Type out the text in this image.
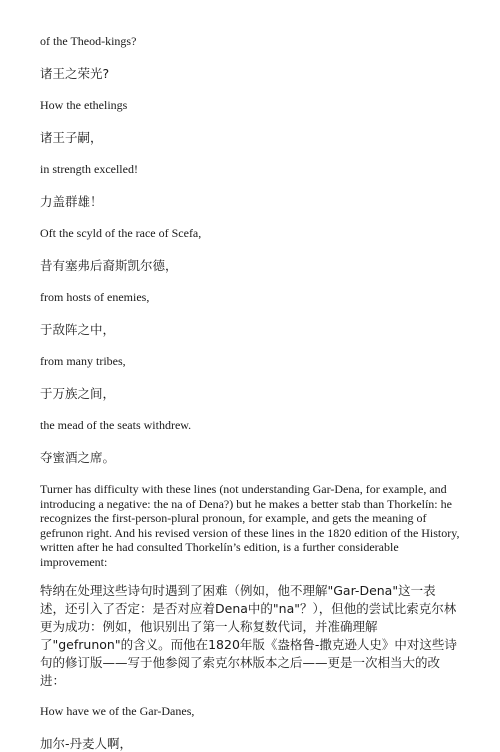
of the Theod-kings?

诸王之荣光?

How the ethelings

诸王子嗣，

in strength excelled!

力盖群雄！

Oft the scyld of the race of Scefa,

昔有塞弗后裔斯凯尔德，

from hosts of enemies,

于敌阵之中，

from many tribes,

于万族之间，

the mead of the seats withdrew.

夺蜜酒之席。

Turner has difficulty with these lines (not understanding Gar-Dena, for example, and introducing a negative: the na of Dena?) but he makes a better stab than Thorkelín: he recognizes the first-person-plural pronoun, for example, and gets the meaning of gefrunon right. And his revised version of these lines in the 1820 edition of the History, written after he had consulted Thorkelín’s edition, is a further considerable improvement:

特纳在处理这些诗句时遇到了困难（例如，他不理解"Gar-Dena"这一表述，还引入了否定：是否对应着Dena中的"na"？），但他的尝试比索克尔林更为成功：例如，他识别出了第一人称复数代词，并准确理解了"gefrunon"的含义。而他在1820年版《盎格鲁-撒克逊人史》中对这些诗句的修订版——写于他参阅了索克尔林版本之后——更是一次相当大的改进：

How have we of the Gar-Danes,

加尔-丹麦人啊，
